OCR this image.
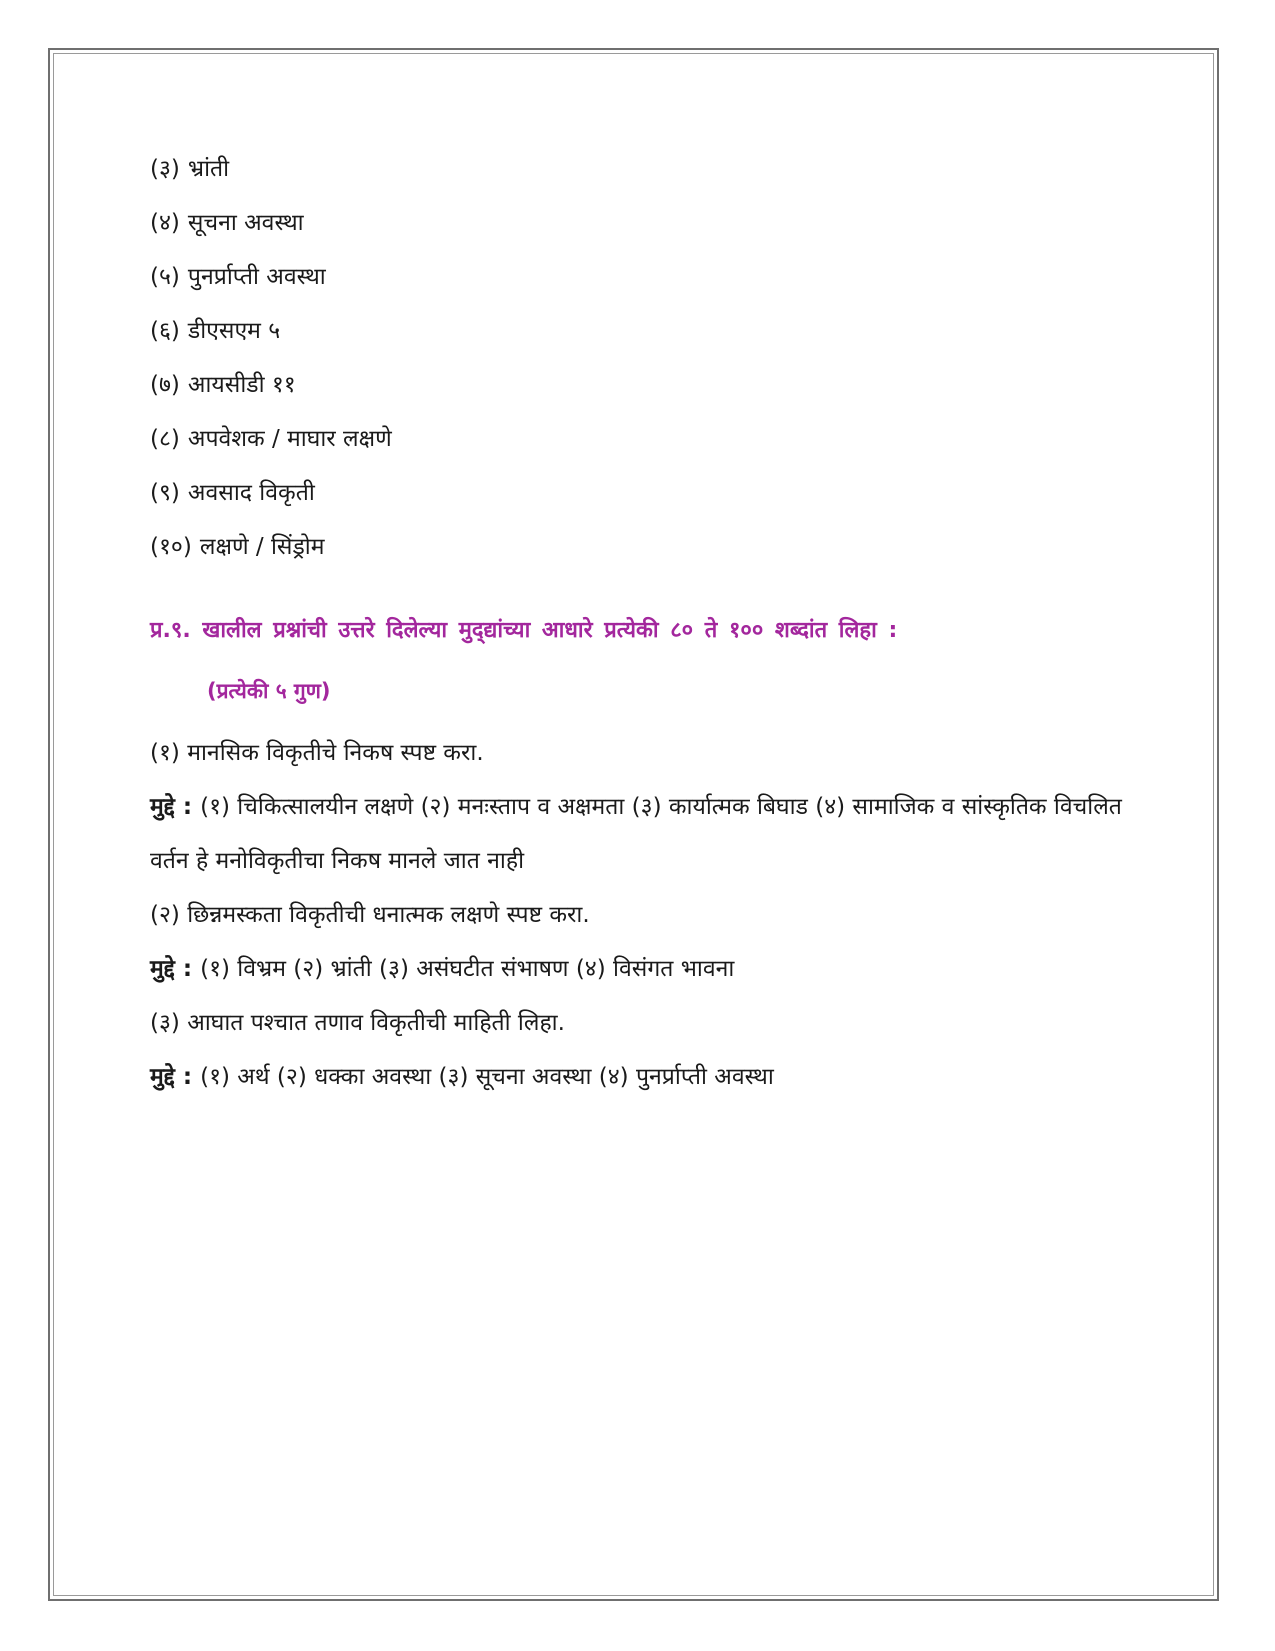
(३) भ्रांती
(४) सूचना अवस्था
(५) पुनर्प्राप्ती अवस्था
(६) डीएसएम ५
(७) आयसीडी ११
(८) अपवेशक / माघार लक्षणे
(९) अवसाद विकृती
(१०) लक्षणे / सिंड्रोम
प्र.९. खालील प्रश्नांची उत्तरे दिलेल्या मुद्‌द्यांच्या आधारे प्रत्येकी ८० ते १०० शब्दांत लिहा :
(प्रत्येकी ५ गुण)
(१) मानसिक विकृतीचे निकष स्पष्ट करा.
मुद्दे : (१) चिकित्सालयीन लक्षणे (२) मनःस्ताप व अक्षमता (३) कार्यात्मक बिघाड (४) सामाजिक व सांस्कृतिक विचलित वर्तन हे मनोविकृतीचा निकष मानले जात नाही
(२) छिन्नमस्कता विकृतीची धनात्मक लक्षणे स्पष्ट करा.
मुद्दे : (१) विभ्रम (२) भ्रांती (३) असंघटीत संभाषण (४) विसंगत भावना
(३) आघात पश्चात तणाव विकृतीची माहिती लिहा.
मुद्दे : (१) अर्थ (२) धक्का अवस्था (३) सूचना अवस्था (४) पुनर्प्राप्ती अवस्था
